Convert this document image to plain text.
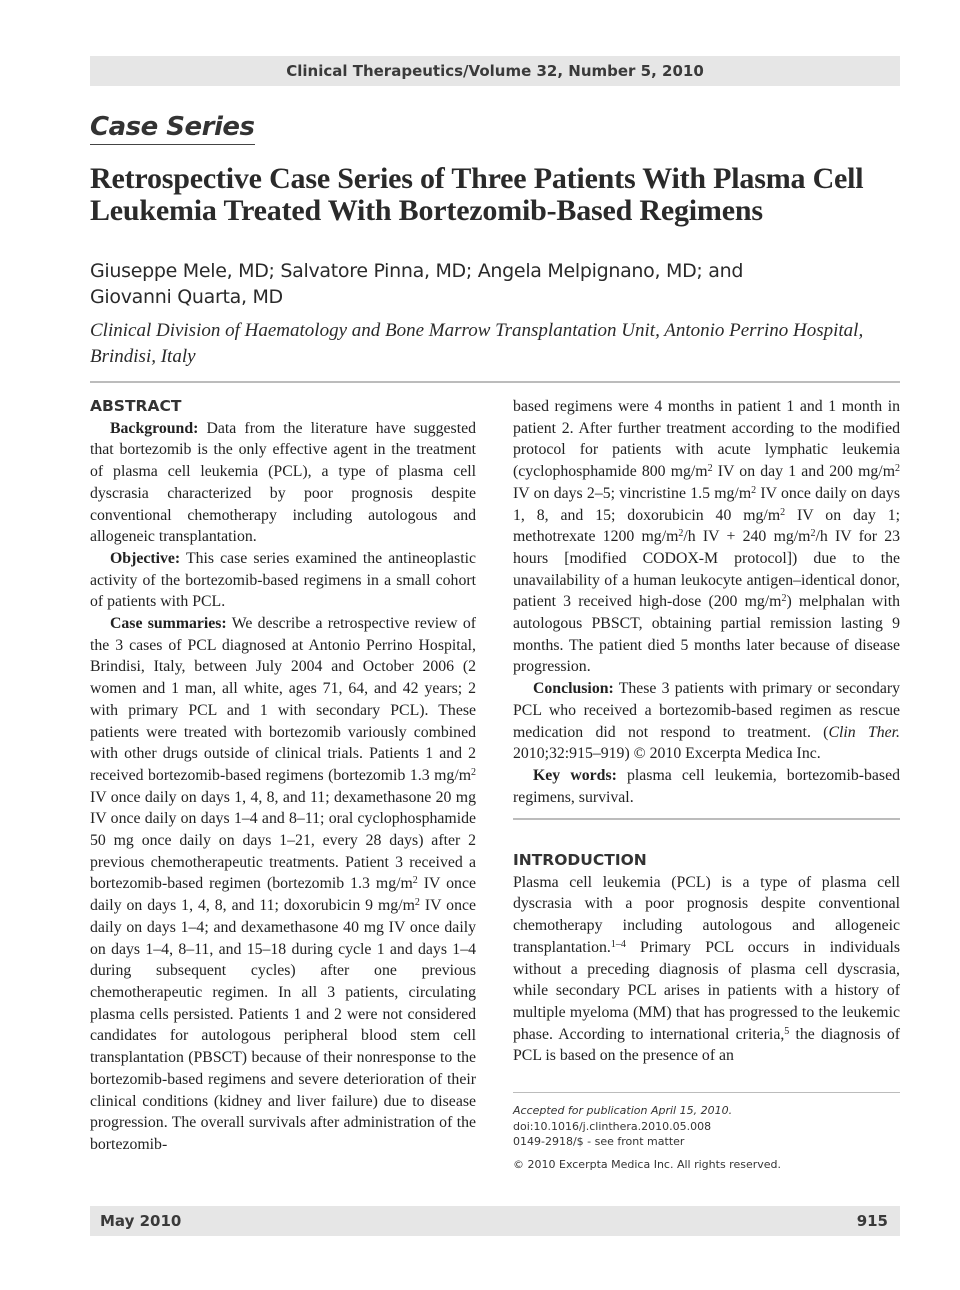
Clinical Therapeutics/Volume 32, Number 5, 2010
Case Series
Retrospective Case Series of Three Patients With Plasma Cell Leukemia Treated With Bortezomib-Based Regimens
Giuseppe Mele, MD; Salvatore Pinna, MD; Angela Melpignano, MD; and Giovanni Quarta, MD
Clinical Division of Haematology and Bone Marrow Transplantation Unit, Antonio Perrino Hospital, Brindisi, Italy
ABSTRACT

Background: Data from the literature have suggested that bortezomib is the only effective agent in the treatment of plasma cell leukemia (PCL), a type of plasma cell dyscrasia characterized by poor prognosis despite conventional chemotherapy including autologous and allogeneic transplantation.

Objective: This case series examined the antineoplastic activity of the bortezomib-based regimens in a small cohort of patients with PCL.

Case summaries: We describe a retrospective review of the 3 cases of PCL diagnosed at Antonio Perrino Hospital, Brindisi, Italy, between July 2004 and October 2006 (2 women and 1 man, all white, ages 71, 64, and 42 years; 2 with primary PCL and 1 with secondary PCL). These patients were treated with bortezomib variously combined with other drugs outside of clinical trials. Patients 1 and 2 received bortezomib-based regimens (bortezomib 1.3 $mg/m^2$ IV once daily on days 1, 4, 8, and 11; dexamethasone 20 mg IV once daily on days 1–4 and 8–11; oral cyclophosphamide 50 mg once daily on days 1–21, every 28 days) after 2 previous chemotherapeutic treatments. Patient 3 received a bortezomib-based regimen (bortezomib 1.3 $mg/m^2$ IV once daily on days 1, 4, 8, and 11; doxorubicin 9 $mg/m^2$ IV once daily on days 1–4; and dexamethasone 40 mg IV once daily on days 1–4, 8–11, and 15–18 during cycle 1 and days 1–4 during subsequent cycles) after one previous chemotherapeutic regimen. In all 3 patients, circulating plasma cells persisted. Patients 1 and 2 were not considered candidates for autologous peripheral blood stem cell transplantation (PBSCT) because of their nonresponse to the bortezomib-based regimens and severe deterioration of their clinical conditions (kidney and liver failure) due to disease progression. The overall survivals after administration of the bortezomib-

based regimens were 4 months in patient 1 and 1 month in patient 2. After further treatment according to the modified protocol for patients with acute lymphatic leukemia (cyclophosphamide 800 $mg/m^2$ IV on day 1 and 200 $mg/m^2$ IV on days 2–5; vincristine 1.5 $mg/m^2$ IV once daily on days 1, 8, and 15; doxorubicin 40 $mg/m^2$ IV on day 1; methotrexate 1200 $mg/m^2/h$ IV + 240 $mg/m^2/h$ IV for 23 hours [modified CODOX-M protocol]) due to the unavailability of a human leukocyte antigen–identical donor, patient 3 received high-dose (200 $mg/m^2$) melphalan with autologous PBSCT, obtaining partial remission lasting 9 months. The patient died 5 months later because of disease progression.

Conclusion: These 3 patients with primary or secondary PCL who received a bortezomib-based regimen as rescue medication did not respond to treatment. (Clin Ther. 2010;32:915–919) © 2010 Excerpta Medica Inc.

Key words: plasma cell leukemia, bortezomib-based regimens, survival.

INTRODUCTION

Plasma cell leukemia (PCL) is a type of plasma cell dyscrasia with a poor prognosis despite conventional chemotherapy including autologous and allogeneic transplantation.$^{1-4}$ Primary PCL occurs in individuals without a preceding diagnosis of plasma cell dyscrasia, while secondary PCL arises in patients with a history of multiple myeloma (MM) that has progressed to the leukemic phase. According to international criteria,$^5$ the diagnosis of PCL is based on the presence of an

Accepted for publication April 15, 2010.
doi:10.1016/j.clinthera.2010.05.008
0149-2918/$ - see front matter
© 2010 Excerpta Medica Inc. All rights reserved.
May 2010	915
